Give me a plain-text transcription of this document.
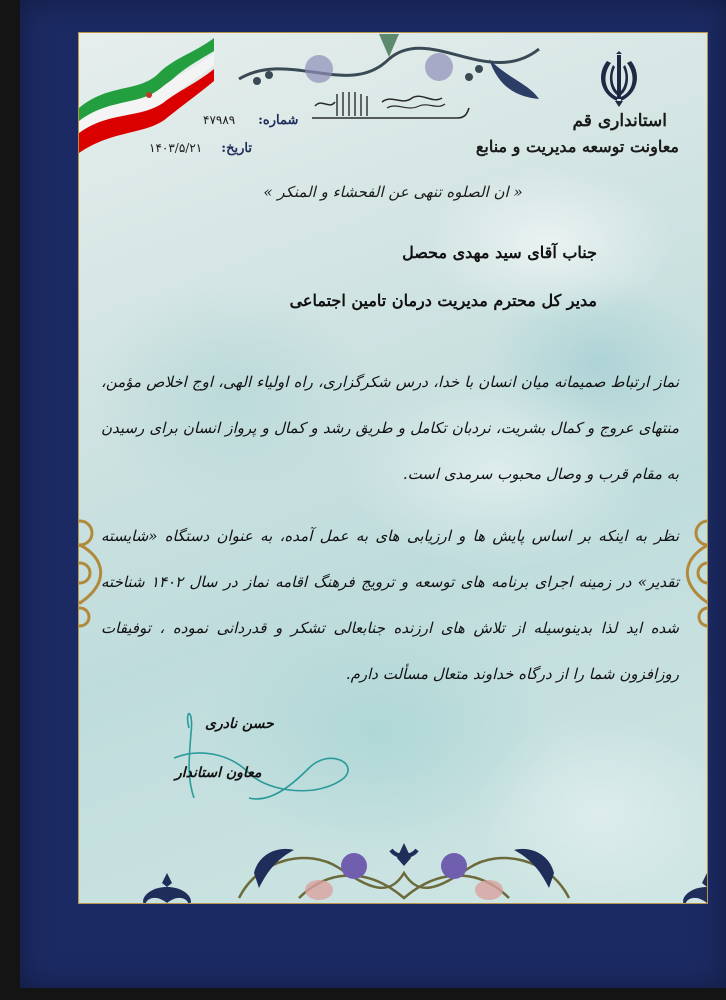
استانداری قم
معاونت توسعه مدیریت و منابع
شماره:      ۴۷۹۸۹
تاریخ:     ۱۴۰۳/۵/۲۱
« ان الصلوه تنهی عن الفحشاء و المنکر »
جناب آقای سید مهدی محصل
مدیر کل محترم مدیریت درمان تامین اجتماعی
نماز ارتباط صمیمانه میان انسان با خدا، درس شکرگزاری، راه اولیاء الهی، اوج اخلاص مؤمن، منتهای عروج و کمال بشریت، نردبان تکامل و طریق رشد و کمال و پرواز انسان برای رسیدن به مقام قرب و وصال محبوب سرمدی است.
نظر به اینکه بر اساس پایش ها و ارزیابی های به عمل آمده، به عنوان دستگاه «شایسته تقدیر» در زمینه اجرای برنامه های توسعه و ترویج فرهنگ اقامه نماز در سال ۱۴۰۲ شناخته شده اید لذا بدینوسیله از تلاش های ارزنده جنابعالی تشکر و قدردانی نموده ، توفیقات روزافزون شما را از درگاه خداوند متعال مسألت دارم.
حسن نادری
معاون استاندار
